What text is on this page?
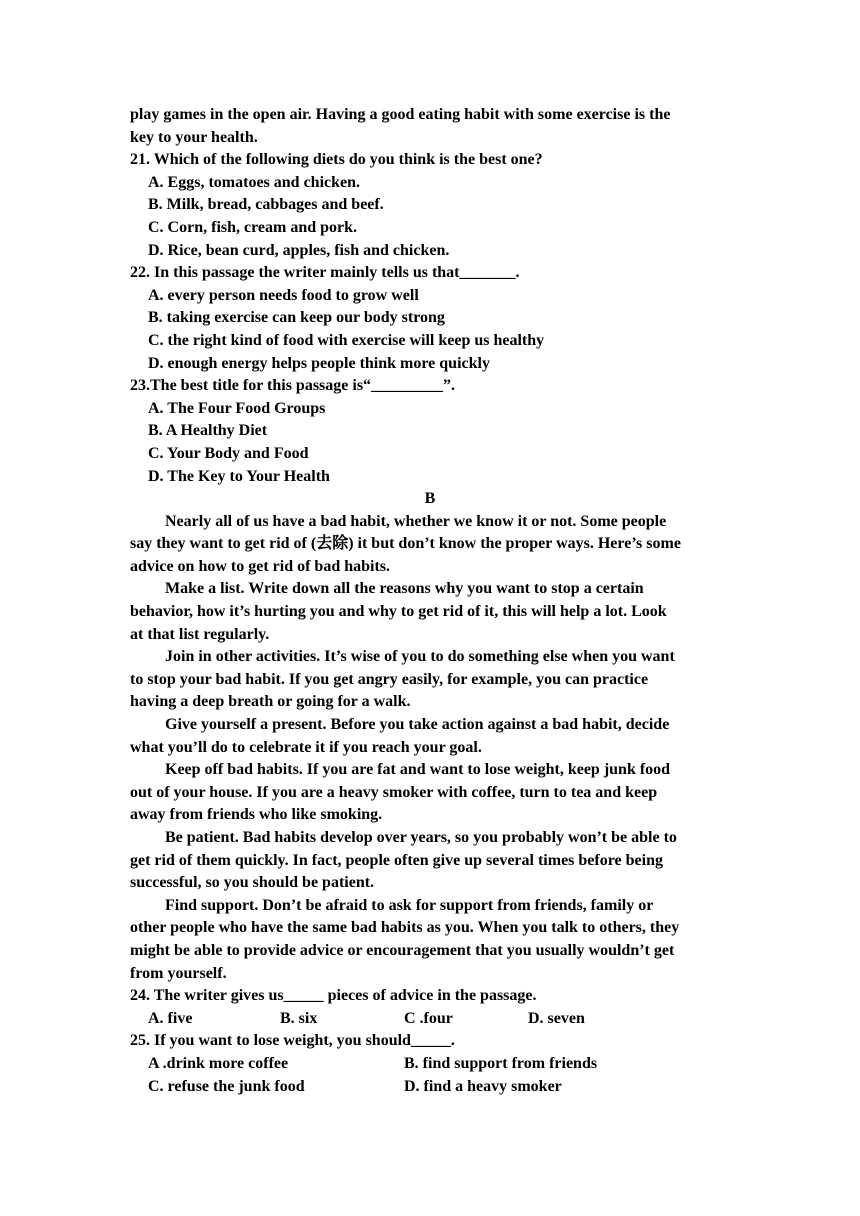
play games in the open air. Having a good eating habit with some exercise is the
key to your health.
21. Which of the following diets do you think is the best one?
A. Eggs, tomatoes and chicken.
B. Milk, bread, cabbages and beef.
C. Corn, fish, cream and pork.
D. Rice, bean curd, apples, fish and chicken.
22. In this passage the writer mainly tells us that_______.
A. every person needs food to grow well
B. taking exercise can keep our body strong
C. the right kind of food with exercise will keep us healthy
D. enough energy helps people think more quickly
23.The best title for this passage is“_________”.
A. The Four Food Groups
B. A Healthy Diet
C. Your Body and Food
D. The Key to Your Health
B
Nearly all of us have a bad habit, whether we know it or not. Some people
say they want to get rid of (去除) it but don’t know the proper ways. Here’s some
advice on how to get rid of bad habits.
Make a list. Write down all the reasons why you want to stop a certain
behavior, how it’s hurting you and why to get rid of it, this will help a lot. Look
at that list regularly.
Join in other activities. It’s wise of you to do something else when you want
to stop your bad habit. If you get angry easily, for example, you can practice
having a deep breath or going for a walk.
Give yourself a present. Before you take action against a bad habit, decide
what you’ll do to celebrate it if you reach your goal.
Keep off bad habits. If you are fat and want to lose weight, keep junk food
out of your house. If you are a heavy smoker with coffee, turn to tea and keep
away from friends who like smoking.
Be patient. Bad habits develop over years, so you probably won’t be able to
get rid of them quickly. In fact, people often give up several times before being
successful, so you should be patient.
Find support. Don’t be afraid to ask for support from friends, family or
other people who have the same bad habits as you. When you talk to others, they
might be able to provide advice or encouragement that you usually wouldn’t get
from yourself.
24. The writer gives us_____ pieces of advice in the passage.
A. five	B. six	C .four	D. seven
25. If you want to lose weight, you should_____.
A .drink more coffee	B. find support from friends
C. refuse the junk food	D. find a heavy smoker
